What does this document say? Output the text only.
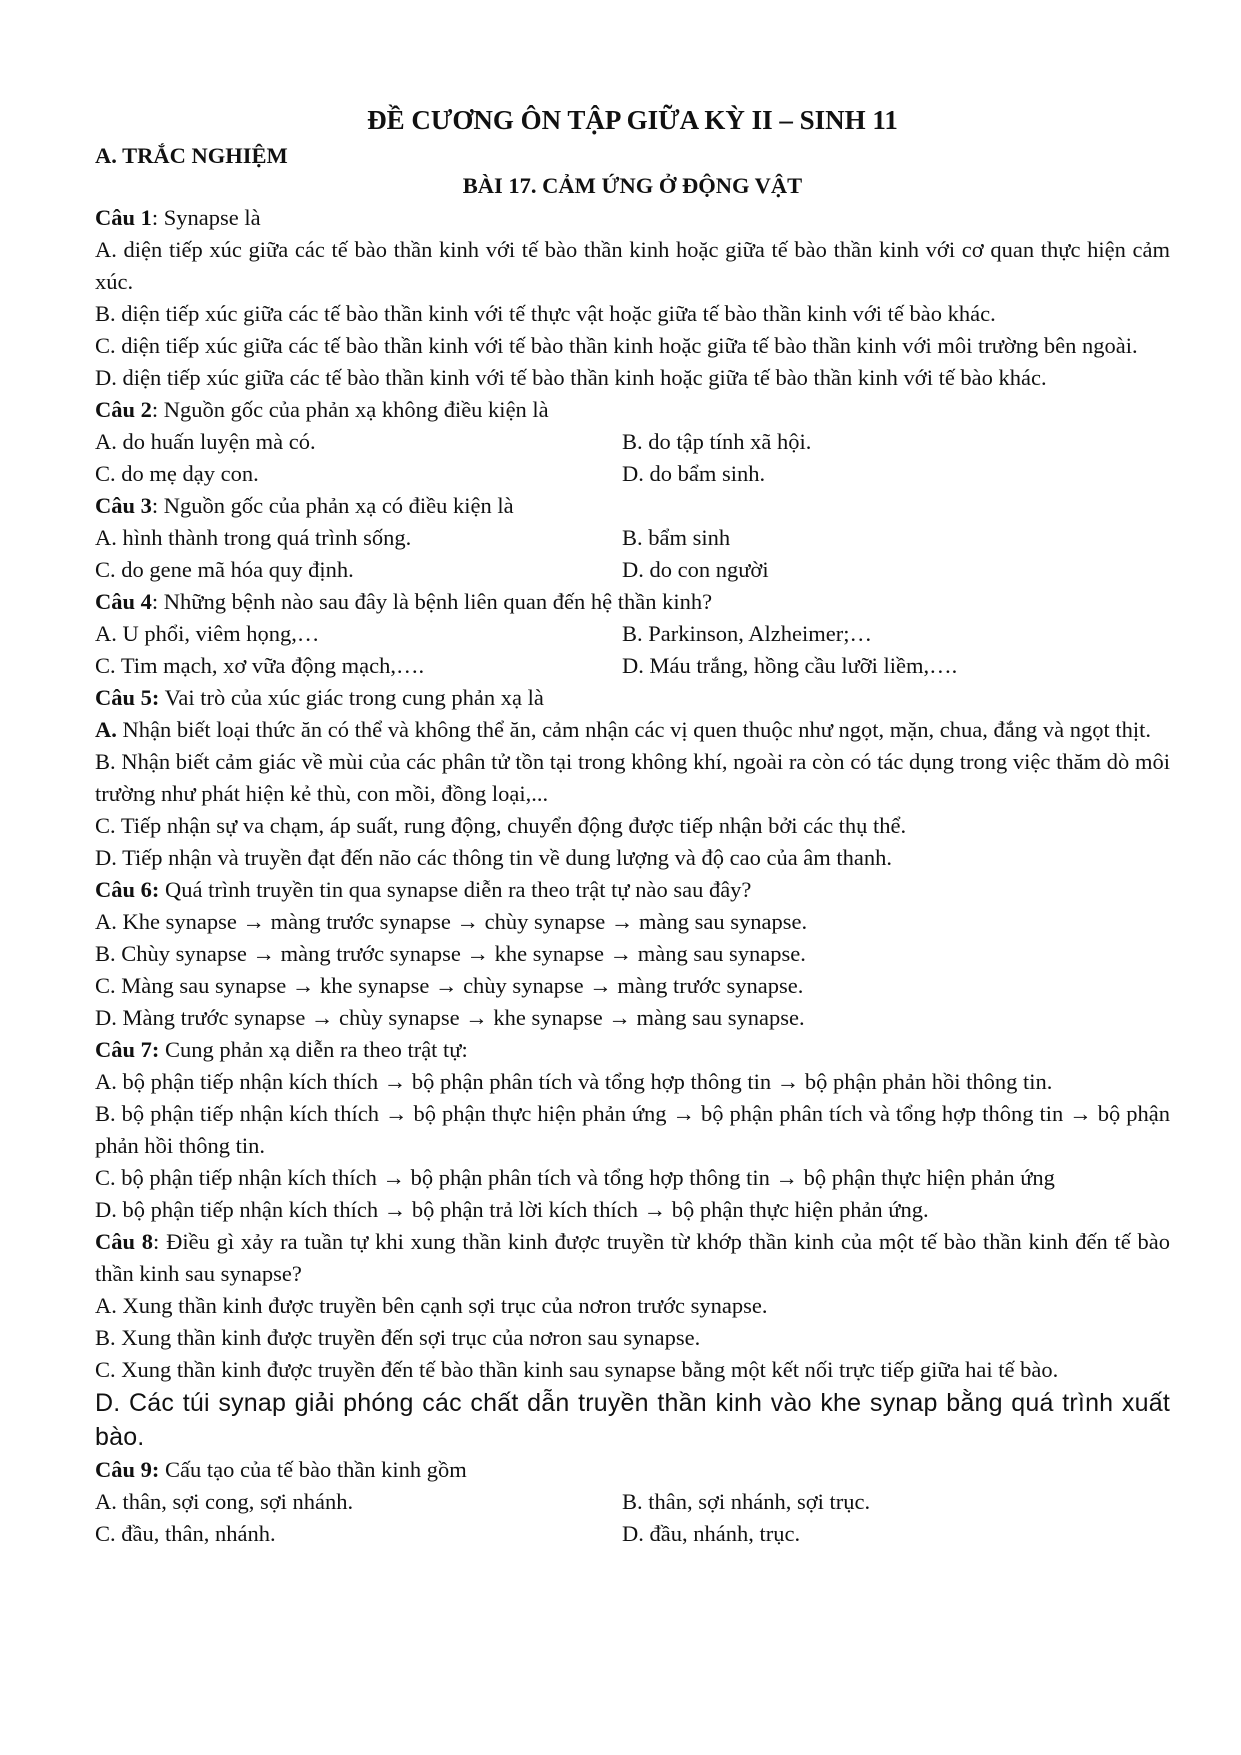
ĐỀ CƯƠNG ÔN TẬP GIỮA KỲ II – SINH 11

A. TRẮC NGHIỆM

BÀI 17. CẢM ỨNG Ở ĐỘNG VẬT

Câu 1: Synapse là

A. diện tiếp xúc giữa các tế bào thần kinh với tế bào thần kinh hoặc giữa tế bào thần kinh với cơ quan thực hiện cảm xúc.

B. diện tiếp xúc giữa các tế bào thần kinh với tế thực vật hoặc giữa tế bào thần kinh với tế bào khác.

C. diện tiếp xúc giữa các tế bào thần kinh với tế bào thần kinh hoặc giữa tế bào thần kinh với môi trường bên ngoài.

D. diện tiếp xúc giữa các tế bào thần kinh với tế bào thần kinh hoặc giữa tế bào thần kinh với tế bào khác.

Câu 2: Nguồn gốc của phản xạ không điều kiện là

A. do huấn luyện mà có.	B. do tập tính xã hội.
C. do mẹ dạy con.	D. do bẩm sinh.

Câu 3: Nguồn gốc của phản xạ có điều kiện là

A. hình thành trong quá trình sống.	B. bẩm sinh
C. do gene mã hóa quy định.	D. do con người

Câu 4: Những bệnh nào sau đây là bệnh liên quan đến hệ thần kinh?

A. U phổi, viêm họng,…	B. Parkinson, Alzheimer;…
C. Tim mạch, xơ vữa động mạch,….	D. Máu trắng, hồng cầu lưỡi liềm,….

Câu 5: Vai trò của xúc giác trong cung phản xạ là

A. Nhận biết loại thức ăn có thể và không thể ăn, cảm nhận các vị quen thuộc như ngọt, mặn, chua, đắng và ngọt thịt.

B. Nhận biết cảm giác về mùi của các phân tử tồn tại trong không khí, ngoài ra còn có tác dụng trong việc thăm dò môi trường như phát hiện kẻ thù, con mồi, đồng loại,...

C. Tiếp nhận sự va chạm, áp suất, rung động, chuyển động được tiếp nhận bởi các thụ thể.

D. Tiếp nhận và truyền đạt đến não các thông tin về dung lượng và độ cao của âm thanh.

Câu 6: Quá trình truyền tin qua synapse diễn ra theo trật tự nào sau đây?

A. Khe synapse → màng trước synapse → chùy synapse → màng sau synapse.

B. Chùy synapse → màng trước synapse → khe synapse → màng sau synapse.

C. Màng sau synapse → khe synapse → chùy synapse → màng trước synapse.

D. Màng trước synapse → chùy synapse → khe synapse → màng sau synapse.

Câu 7: Cung phản xạ diễn ra theo trật tự:

A. bộ phận tiếp nhận kích thích → bộ phận phân tích và tổng hợp thông tin → bộ phận phản hồi thông tin.

B. bộ phận tiếp nhận kích thích → bộ phận thực hiện phản ứng → bộ phận phân tích và tổng hợp thông tin → bộ phận phản hồi thông tin.

C. bộ phận tiếp nhận kích thích → bộ phận phân tích và tổng hợp thông tin → bộ phận thực hiện phản ứng

D. bộ phận tiếp nhận kích thích → bộ phận trả lời kích thích → bộ phận thực hiện phản ứng.

Câu 8: Điều gì xảy ra tuần tự khi xung thần kinh được truyền từ khớp thần kinh của một tế bào thần kinh đến tế bào thần kinh sau synapse?

A. Xung thần kinh được truyền bên cạnh sợi trục của nơron trước synapse.

B. Xung thần kinh được truyền đến sợi trục của nơron sau synapse.

C. Xung thần kinh được truyền đến tế bào thần kinh sau synapse bằng một kết nối trực tiếp giữa hai tế bào.

D. Các túi synap giải phóng các chất dẫn truyền thần kinh vào khe synap bằng quá trình xuất bào.

Câu 9: Cấu tạo của tế bào thần kinh gồm

A. thân, sợi cong, sợi nhánh.	B. thân, sợi nhánh, sợi trục.
C. đầu, thân, nhánh.	D. đầu, nhánh, trục.
